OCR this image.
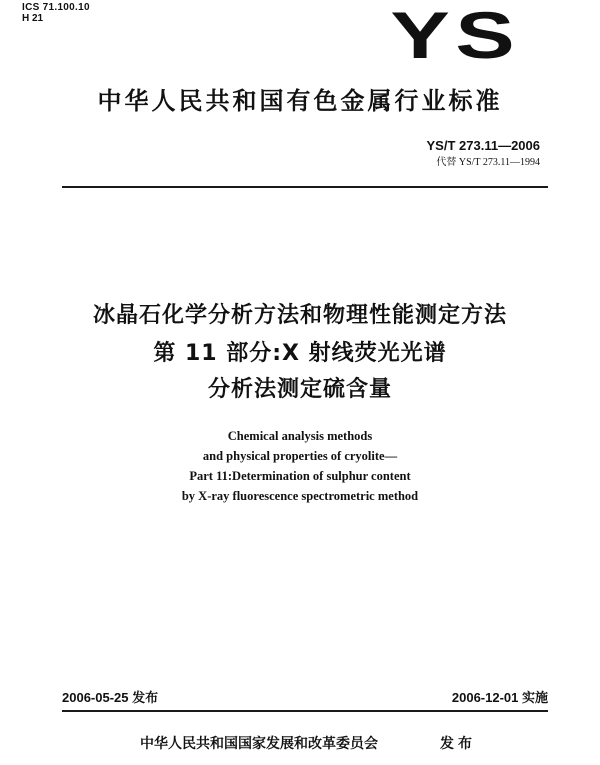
ICS 71.100.10
H 21	YS
中华人民共和国有色金属行业标准
YS/T 273.11—2006
代替 YS/T 273.11—1994
冰晶石化学分析方法和物理性能测定方法
第 11 部分:X 射线荧光光谱
分析法测定硫含量
Chemical analysis methods
and physical properties of cryolite—
Part 11:Determination of sulphur content
by X-ray fluorescence spectrometric method
2006-05-25 发布	2006-12-01 实施
中华人民共和国国家发展和改革委员会	发布
